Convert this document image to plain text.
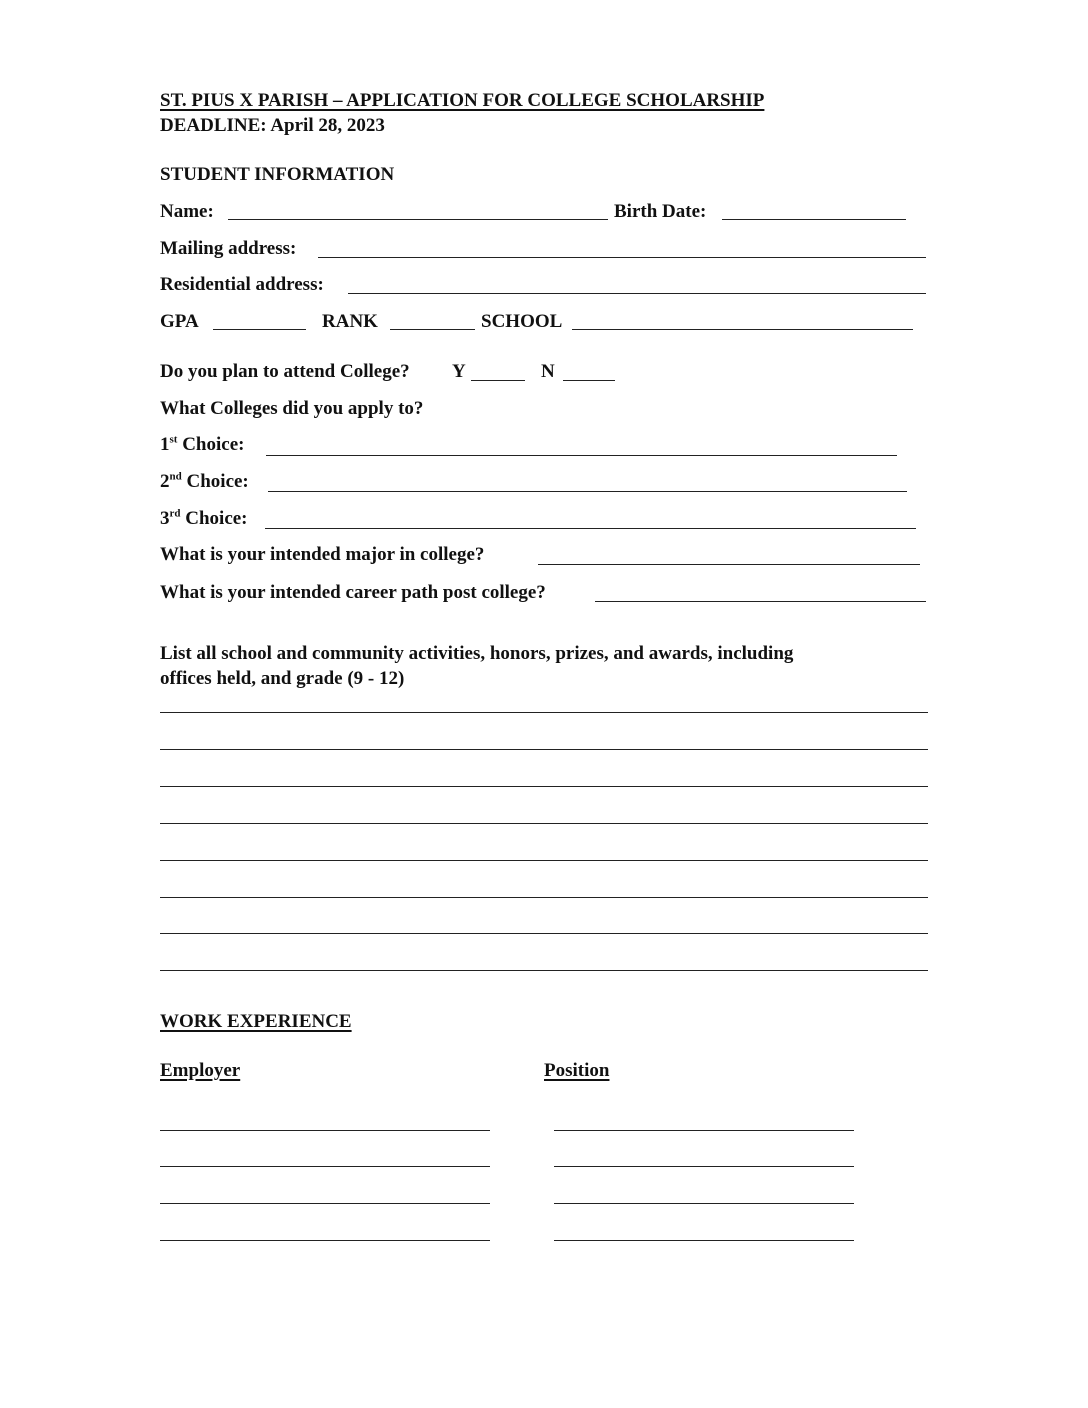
ST. PIUS X PARISH – APPLICATION FOR COLLEGE SCHOLARSHIP
DEADLINE: April 28, 2023
STUDENT INFORMATION
Name:	Birth Date:
Mailing address:
Residential address:
GPA	RANK	SCHOOL
Do you plan to attend College? Y	N
What Colleges did you apply to?
1st Choice:
2nd Choice:
3rd Choice:
What is your intended major in college?
What is your intended career path post college?
List all school and community activities, honors, prizes, and awards, including
offices held, and grade (9 - 12)
WORK EXPERIENCE
Employer	Position
